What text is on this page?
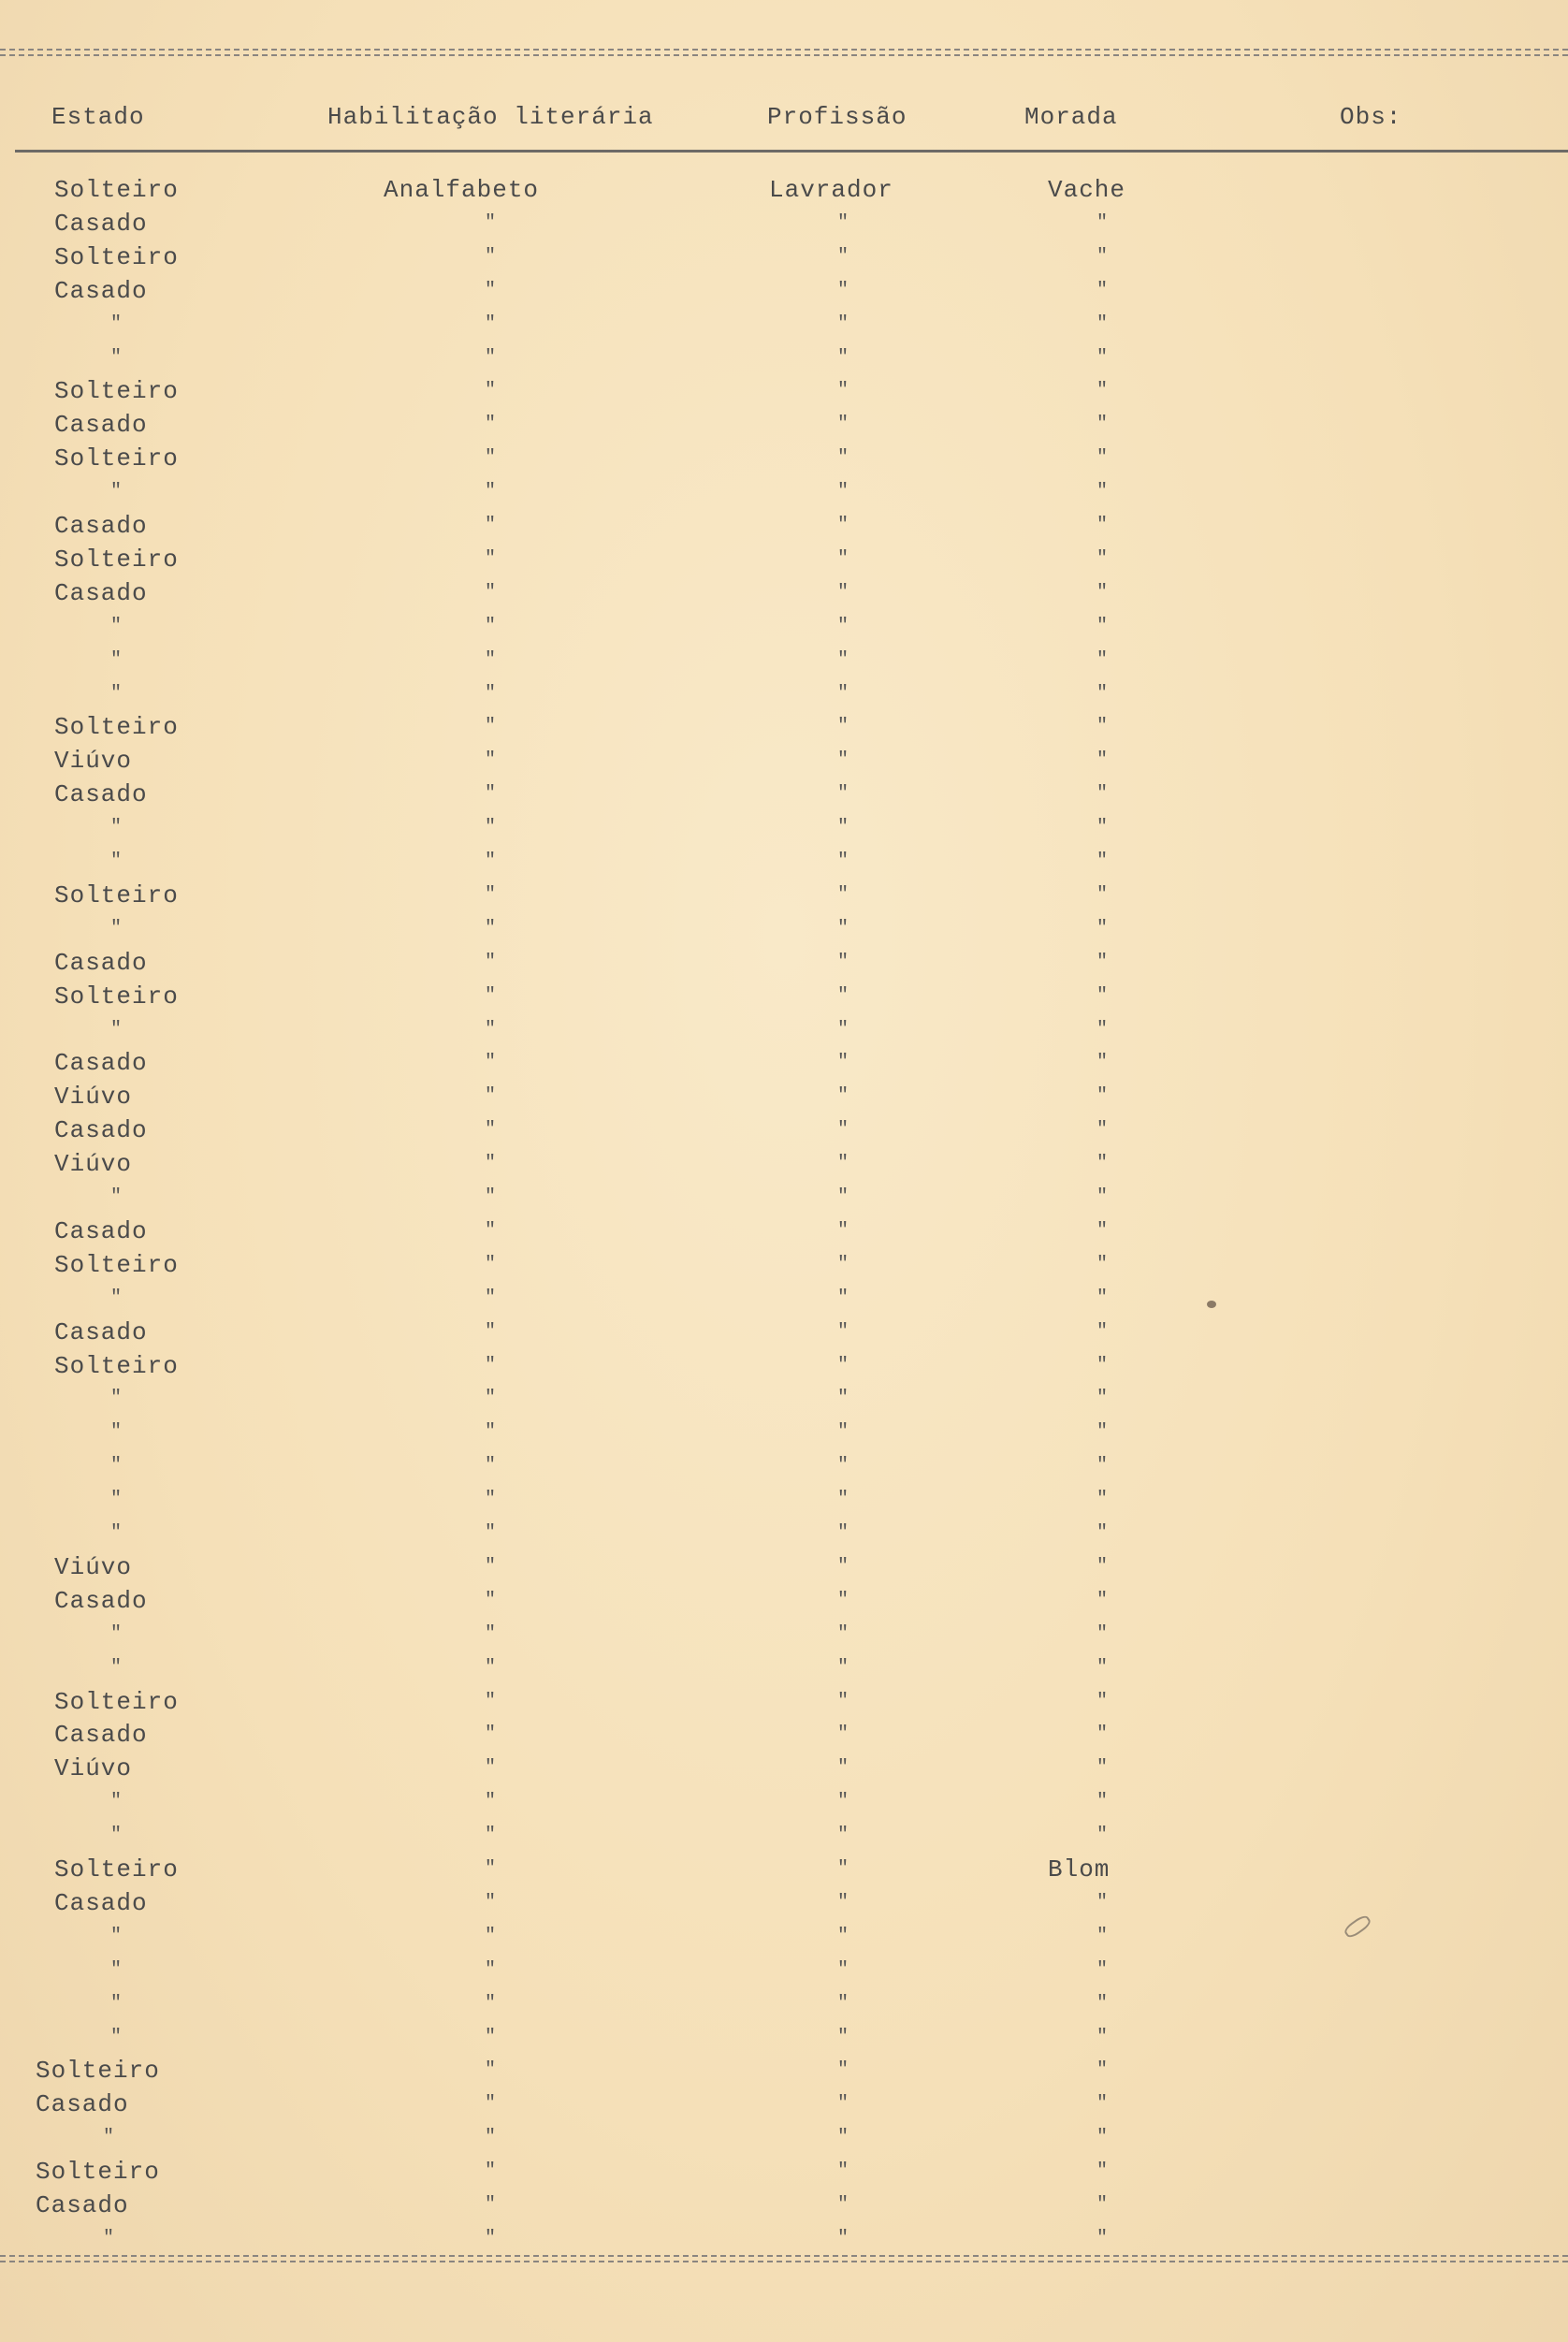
Estado	Habilitação literária	Profissão	Morada	Obs:
Solteiro	Analfabeto	Lavrador	Vache
Casado	"	"	"
Solteiro	"	"	"
Casado	"	"	"
"	"	"	"
"	"	"	"
Solteiro	"	"	"
Casado	"	"	"
Solteiro	"	"	"
"	"	"	"
Casado	"	"	"
Solteiro	"	"	"
Casado	"	"	"
"	"	"	"
"	"	"	"
"	"	"	"
Solteiro	"	"	"
Viúvo	"	"	"
Casado	"	"	"
"	"	"	"
"	"	"	"
Solteiro	"	"	"
"	"	"	"
Casado	"	"	"
Solteiro	"	"	"
"	"	"	"
Casado	"	"	"
Viúvo	"	"	"
Casado	"	"	"
Viúvo	"	"	"
"	"	"	"
Casado	"	"	"
Solteiro	"	"	"
"	"	"	"
Casado	"	"	"
Solteiro	"	"	"
"	"	"	"
"	"	"	"
"	"	"	"
"	"	"	"
"	"	"	"
Viúvo	"	"	"
Casado	"	"	"
"	"	"	"
"	"	"	"
Solteiro	"	"	"
Casado	"	"	"
Viúvo	"	"	"
"	"	"	"
"	"	"	"
Solteiro	"	"	Blom
Casado	"	"	"
"	"	"	"
"	"	"	"
"	"	"	"
"	"	"	"
Solteiro	"	"	"
Casado	"	"	"
"	"	"	"
Solteiro	"	"	"
Casado	"	"	"
"	"	"	"
